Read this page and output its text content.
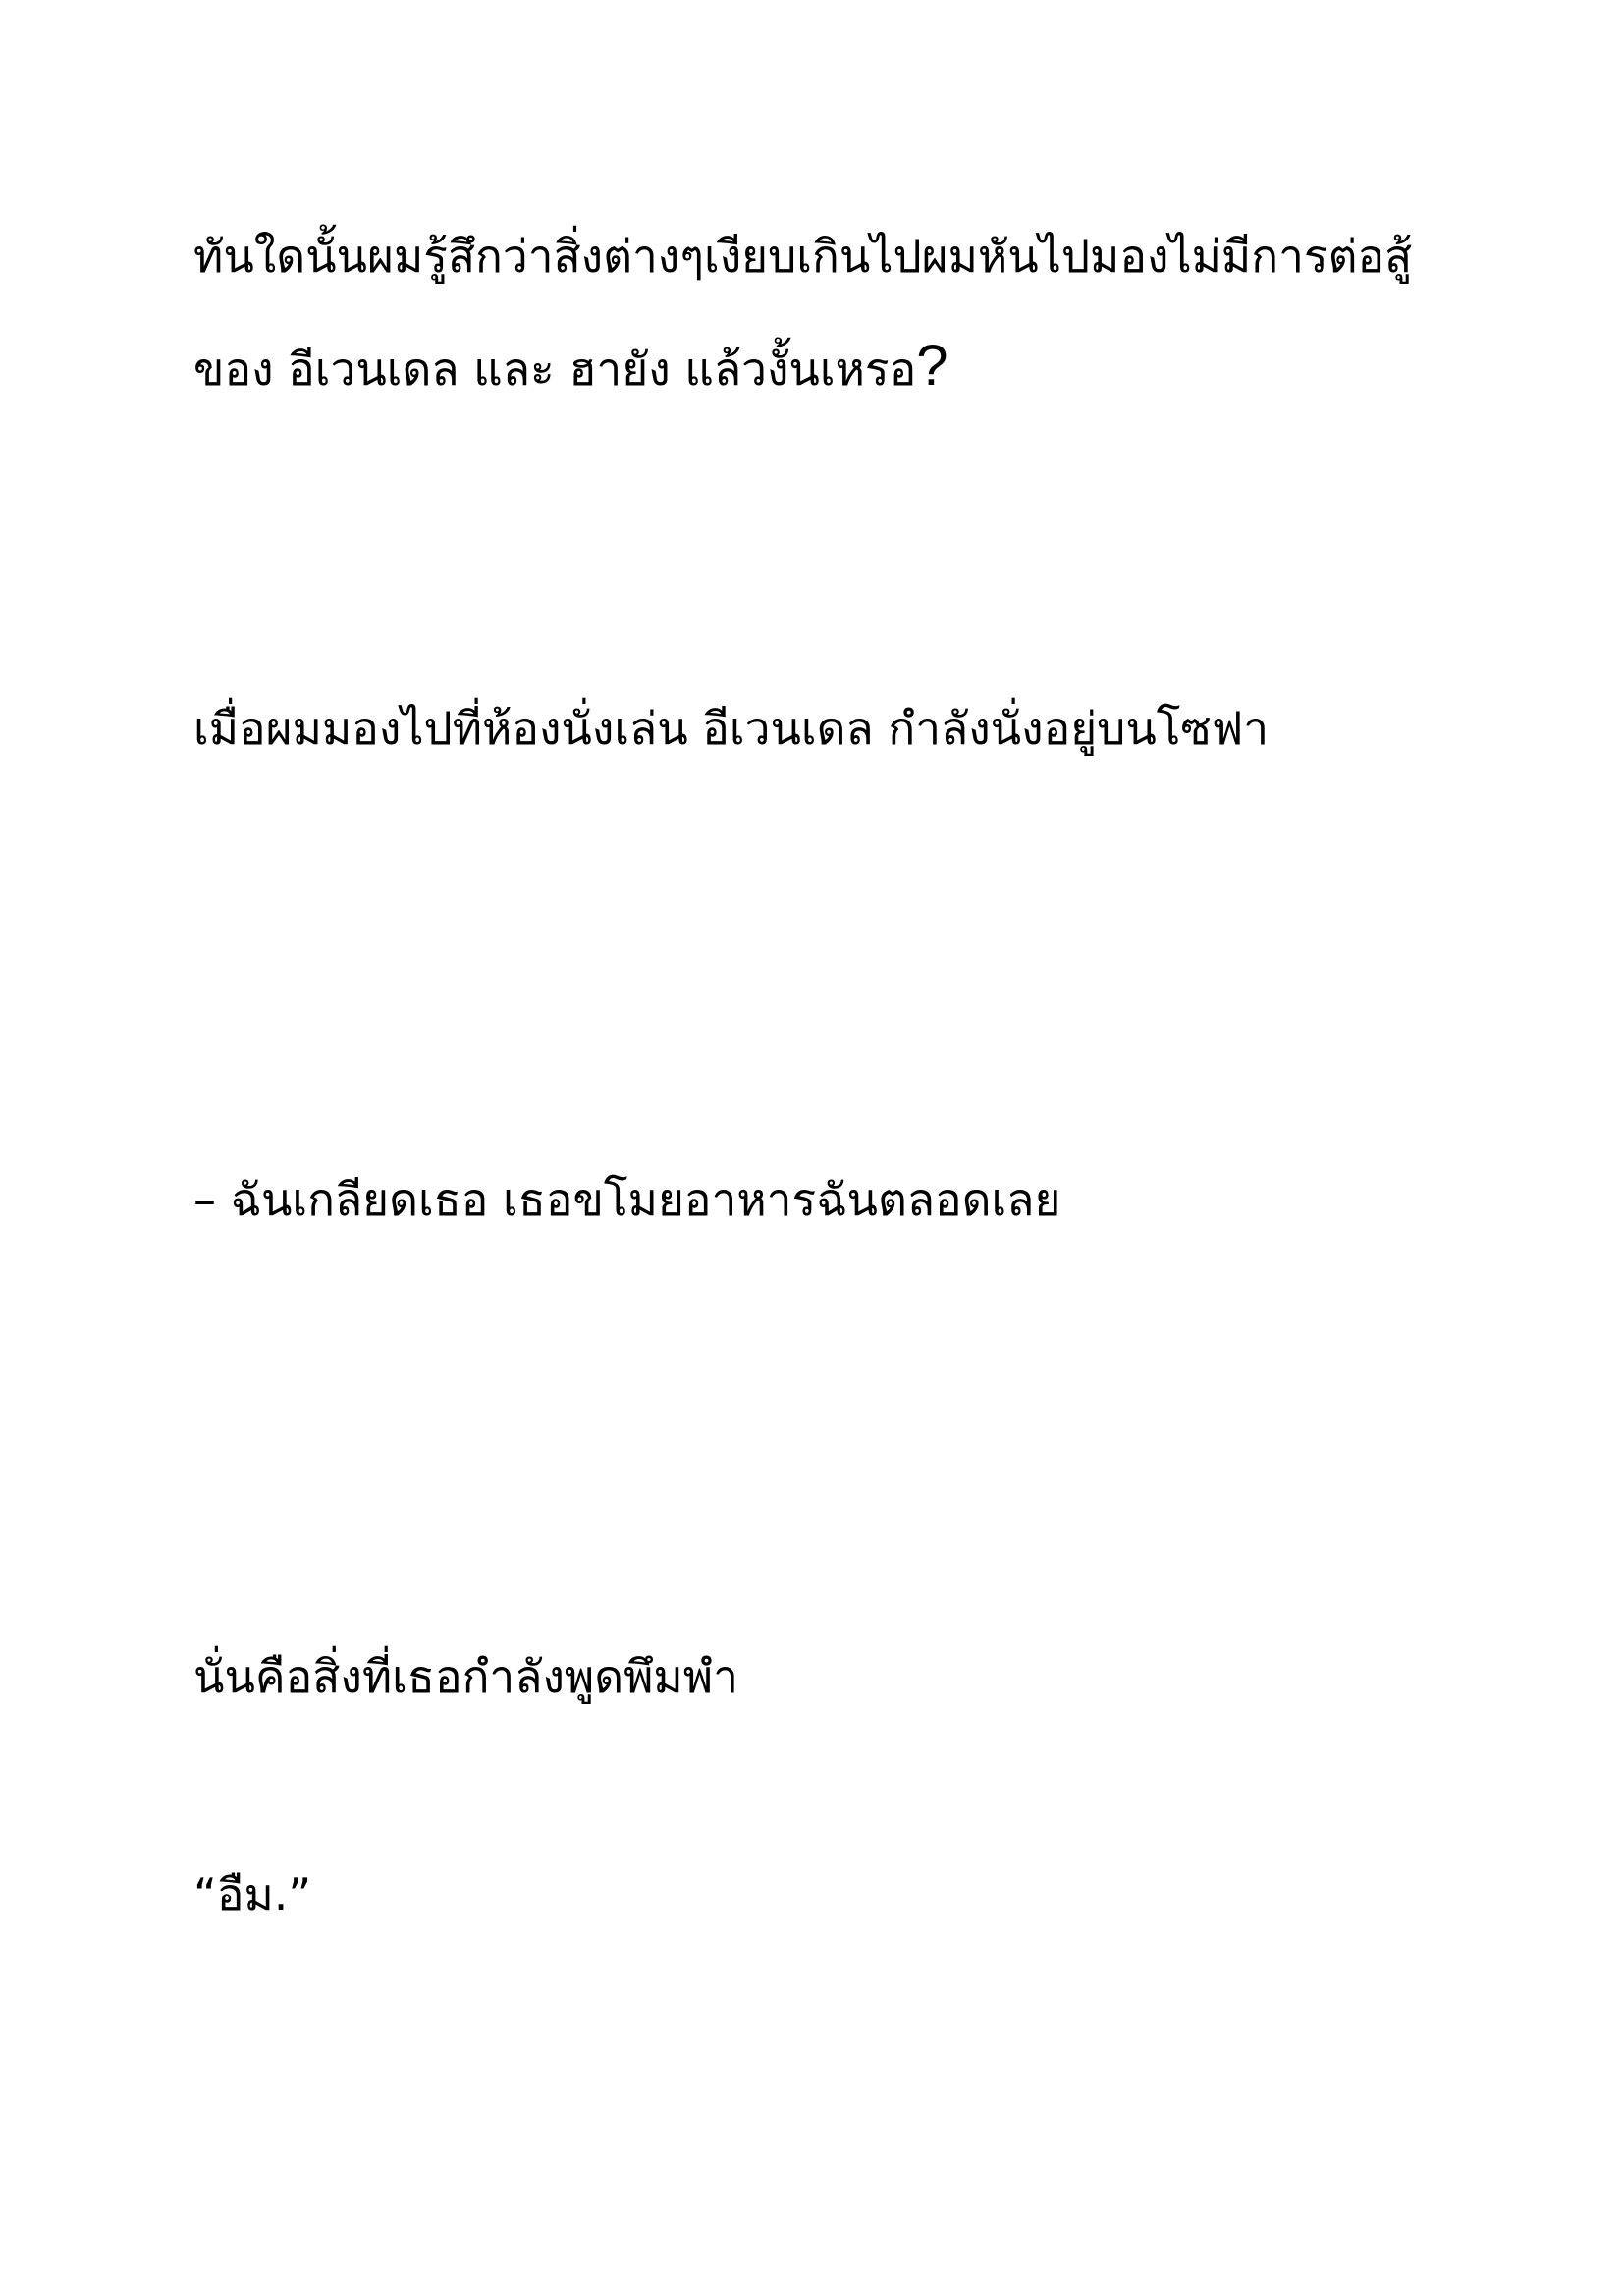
ทันใดนั้นผมรู้สึกว่าสิ่งต่างๆเงียบเกินไปผมหันไปมองไม่มีการต่อสู้
ของ อีเวนเดล และ ฮายัง แล้วงั้นเหรอ?
เมื่อผมมองไปที่ห้องนั่งเล่น อีเวนเดล กำลังนั่งอยู่บนโซฟา
– ฉันเกลียดเธอ เธอขโมยอาหารฉันตลอดเลย
นั่นคือสิ่งที่เธอกำลังพูดพึมพำ
“อืม.”
